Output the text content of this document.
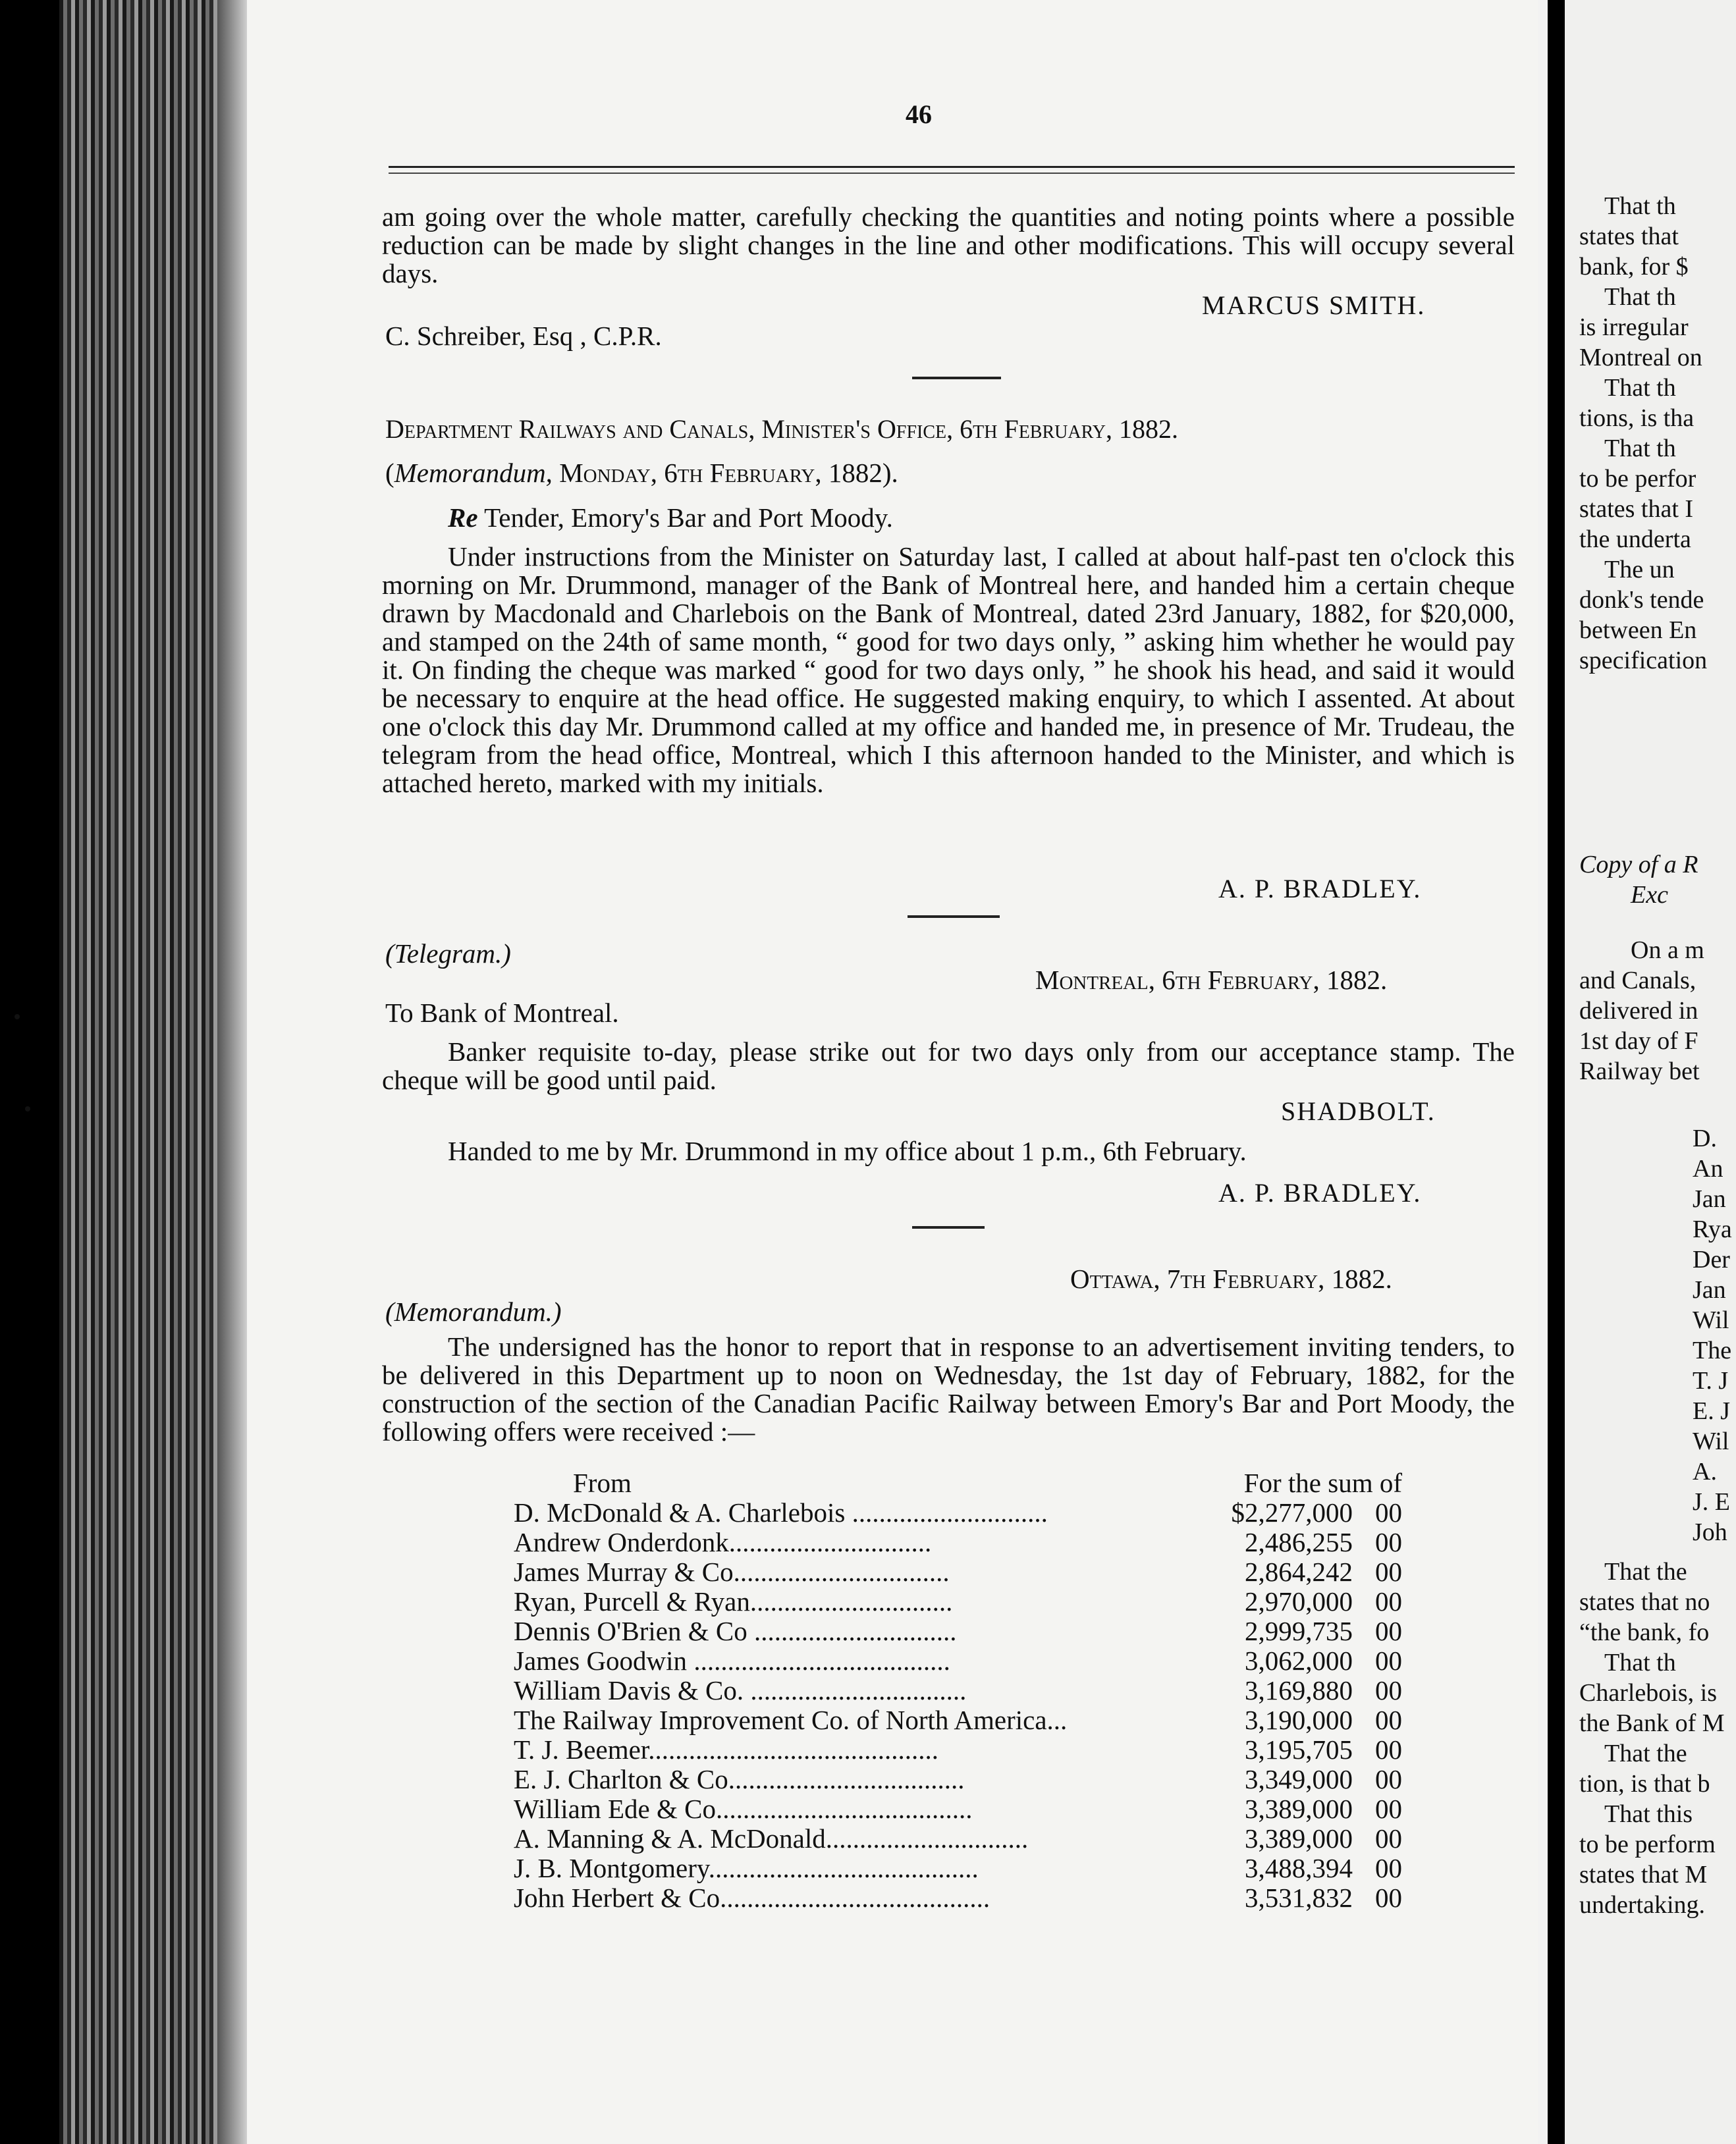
That th
states that
bank, for $
That th
is irregular
Montreal on
That th
tions, is tha
That th
to be perfor
states that I
the underta
The un
donk's tende
between En
specification
Copy of a R
Exc
On a m
and Canals,
delivered in
1st day of F
Railway bet
D.
An
Jan
Rya
Der
Jan
Wil
The
T. J
E. J
Wil
A.
J. E
Joh
That the
states that no
“the bank, fo
That th
Charlebois, is
the Bank of M
That the
tion, is that b
That this
to be perform
states that M
undertaking.
46
am going over the whole matter, carefully checking the quantities and noting points where a possible reduction can be made by slight changes in the line and other modifications. This will occupy several days.
MARCUS SMITH.
C. Schreiber, Esq , C.P.R.
Department Railways and Canals, Minister's Office, 6th February, 1882.
(Memorandum, Monday, 6th February, 1882).
Re Tender, Emory's Bar and Port Moody.
Under instructions from the Minister on Saturday last, I called at about half-past ten o'clock this morning on Mr. Drummond, manager of the Bank of Montreal here, and handed him a certain cheque drawn by Macdonald and Charlebois on the Bank of Montreal, dated 23rd January, 1882, for $20,000, and stamped on the 24th of same month, “ good for two days only, ” asking him whether he would pay it. On finding the cheque was marked “ good for two days only, ” he shook his head, and said it would be necessary to enquire at the head office. He suggested making enquiry, to which I assented. At about one o'clock this day Mr. Drummond called at my office and handed me, in presence of Mr. Trudeau, the telegram from the head office, Montreal, which I this afternoon handed to the Minister, and which is attached hereto, marked with my initials.
A. P. BRADLEY.
(Telegram.)
Montreal, 6th February, 1882.
To Bank of Montreal.
Banker requisite to-day, please strike out for two days only from our acceptance stamp. The cheque will be good until paid.
SHADBOLT.
Handed to me by Mr. Drummond in my office about 1 p.m., 6th February.
A. P. BRADLEY.
Ottawa, 7th February, 1882.
(Memorandum.)
The undersigned has the honor to report that in response to an advertisement inviting tenders, to be delivered in this Department up to noon on Wednesday, the 1st day of February, 1882, for the construction of the section of the Canadian Pacific Railway between Emory's Bar and Port Moody, the following offers were received :—
From	For the sum of	
D. McDonald & A. Charlebois .............................	$2,277,000	00
Andrew Onderdonk..............................	2,486,255	00
James Murray & Co................................	2,864,242	00
Ryan, Purcell & Ryan..............................	2,970,000	00
Dennis O'Brien & Co ..............................	2,999,735	00
James Goodwin ......................................	3,062,000	00
William Davis & Co. ................................	3,169,880	00
The Railway Improvement Co. of North America...	3,190,000	00
T. J. Beemer...........................................	3,195,705	00
E. J. Charlton & Co...................................	3,349,000	00
William Ede & Co......................................	3,389,000	00
A. Manning & A. McDonald..............................	3,389,000	00
J. B. Montgomery........................................	3,488,394	00
John Herbert & Co........................................	3,531,832	00
